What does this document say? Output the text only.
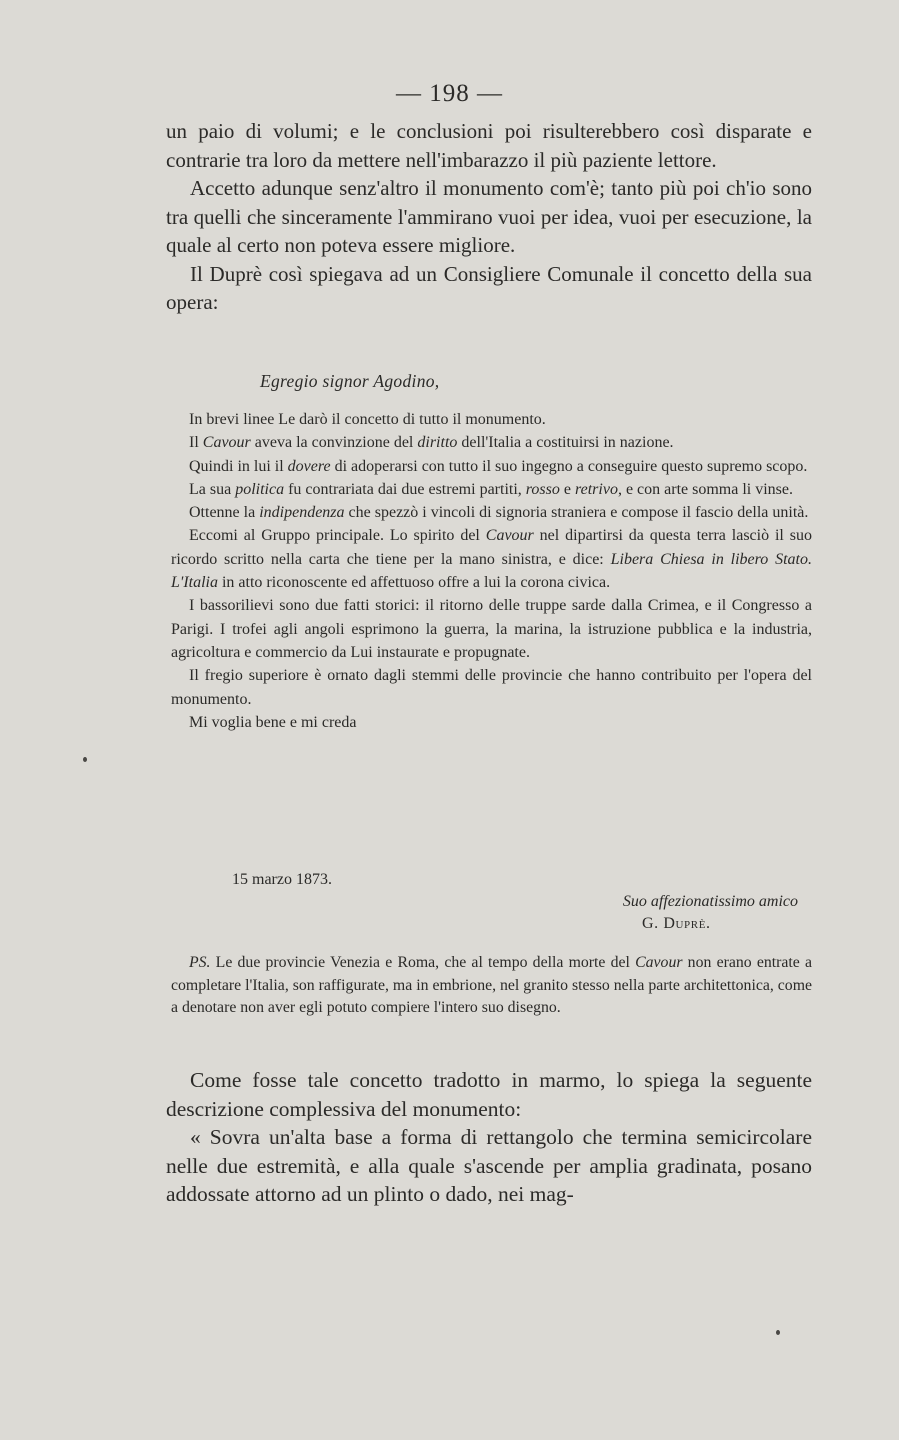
— 198 —

un paio di volumi; e le conclusioni poi risulterebbero così disparate e contrarie tra loro da mettere nell'imbarazzo il più paziente lettore.

Accetto adunque senz'altro il monumento com'è; tanto più poi ch'io sono tra quelli che sinceramente l'ammirano vuoi per idea, vuoi per esecuzione, la quale al certo non poteva essere migliore.

Il Duprè così spiegava ad un Consigliere Comunale il concetto della sua opera:

Egregio signor Agodino,

In brevi linee Le darò il concetto di tutto il monumento.

Il Cavour aveva la convinzione del diritto dell'Italia a costituirsi in nazione.

Quindi in lui il dovere di adoperarsi con tutto il suo ingegno a conseguire questo supremo scopo.

La sua politica fu contrariata dai due estremi partiti, rosso e retrivo, e con arte somma li vinse.

Ottenne la indipendenza che spezzò i vincoli di signoria straniera e compose il fascio della unità.

Eccomi al Gruppo principale. Lo spirito del Cavour nel dipartirsi da questa terra lasciò il suo ricordo scritto nella carta che tiene per la mano sinistra, e dice: Libera Chiesa in libero Stato. L'Italia in atto riconoscente ed affettuoso offre a lui la corona civica.

I bassorilievi sono due fatti storici: il ritorno delle truppe sarde dalla Crimea, e il Congresso a Parigi. I trofei agli angoli esprimono la guerra, la marina, la istruzione pubblica e la industria, agricoltura e commercio da Lui instaurate e propugnate.

Il fregio superiore è ornato dagli stemmi delle provincie che hanno contribuito per l'opera del monumento.

Mi voglia bene e mi creda

15 marzo 1873.
Suo affezionatissimo amico
G. Duprè.

PS. Le due provincie Venezia e Roma, che al tempo della morte del Cavour non erano entrate a completare l'Italia, son raffigurate, ma in embrione, nel granito stesso nella parte architettonica, come a denotare non aver egli potuto compiere l'intero suo disegno.

Come fosse tale concetto tradotto in marmo, lo spiega la seguente descrizione complessiva del monumento:

« Sovra un'alta base a forma di rettangolo che termina semicircolare nelle due estremità, e alla quale s'ascende per amplia gradinata, posano addossate attorno ad un plinto o dado, nei mag-
